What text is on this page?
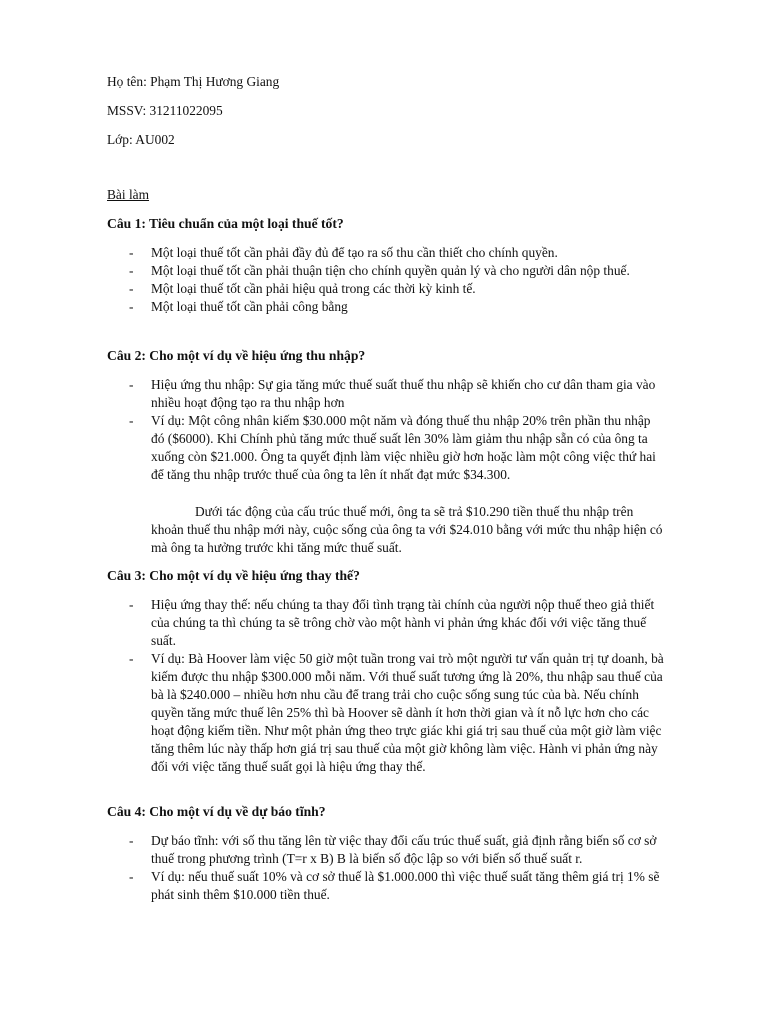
Họ tên: Phạm Thị Hương Giang

MSSV: 31211022095

Lớp: AU002

Bài làm

Câu 1: Tiêu chuẩn của một loại thuế tốt?

- Một loại thuế tốt cần phải đầy đủ để tạo ra số thu cần thiết cho chính quyền.
- Một loại thuế tốt cần phải thuận tiện cho chính quyền quản lý và cho người dân nộp thuế.
- Một loại thuế tốt cần phải hiệu quả trong các thời kỳ kinh tế.
- Một loại thuế tốt cần phải công bằng

Câu 2: Cho một ví dụ về hiệu ứng thu nhập?

- Hiệu ứng thu nhập: Sự gia tăng mức thuế suất thuế thu nhập sẽ khiến cho cư dân tham gia vào nhiều hoạt động tạo ra thu nhập hơn
- Ví dụ: Một công nhân kiếm $30.000 một năm và đóng thuế thu nhập 20% trên phần thu nhập đó ($6000). Khi Chính phủ tăng mức thuế suất lên 30% làm giảm thu nhập sẵn có của ông ta xuống còn $21.000. Ông ta quyết định làm việc nhiều giờ hơn hoặc làm một công việc thứ hai để tăng thu nhập trước thuế của ông ta lên ít nhất đạt mức $34.300.

Dưới tác động của cấu trúc thuế mới, ông ta sẽ trả $10.290 tiền thuế thu nhập trên khoản thuế thu nhập mới này, cuộc sống của ông ta với $24.010 bằng với mức thu nhập hiện có mà ông ta hưởng trước khi tăng mức thuế suất.

Câu 3: Cho một ví dụ về hiệu ứng thay thế?

- Hiệu ứng thay thế: nếu chúng ta thay đổi tình trạng tài chính của người nộp thuế theo giả thiết của chúng ta thì chúng ta sẽ trông chờ vào một hành vi phản ứng khác đối với việc tăng thuế suất.
- Ví dụ: Bà Hoover làm việc 50 giờ một tuần trong vai trò một người tư vấn quản trị tự doanh, bà kiếm được thu nhập $300.000 mỗi năm. Với thuế suất tương ứng là 20%, thu nhập sau thuế của bà là $240.000 – nhiều hơn nhu cầu để trang trải cho cuộc sống sung túc của bà. Nếu chính quyền tăng mức thuế lên 25% thì bà Hoover sẽ dành ít hơn thời gian và ít nỗ lực hơn cho các hoạt động kiếm tiền. Như một phản ứng theo trực giác khi giá trị sau thuế của một giờ làm việc tăng thêm lúc này thấp hơn giá trị sau thuế của một giờ không làm việc. Hành vi phản ứng này đối với việc tăng thuế suất gọi là hiệu ứng thay thế.

Câu 4: Cho một ví dụ về dự báo tĩnh?

- Dự báo tĩnh: với số thu tăng lên từ việc thay đổi cấu trúc thuế suất, giả định rằng biến số cơ sở thuế trong phương trình (T=r x B) B là biến số độc lập so với biến số thuế suất r.
- Ví dụ: nếu thuế suất 10% và cơ sở thuế là $1.000.000 thì việc thuế suất tăng thêm giá trị 1% sẽ phát sinh thêm $10.000 tiền thuế.
